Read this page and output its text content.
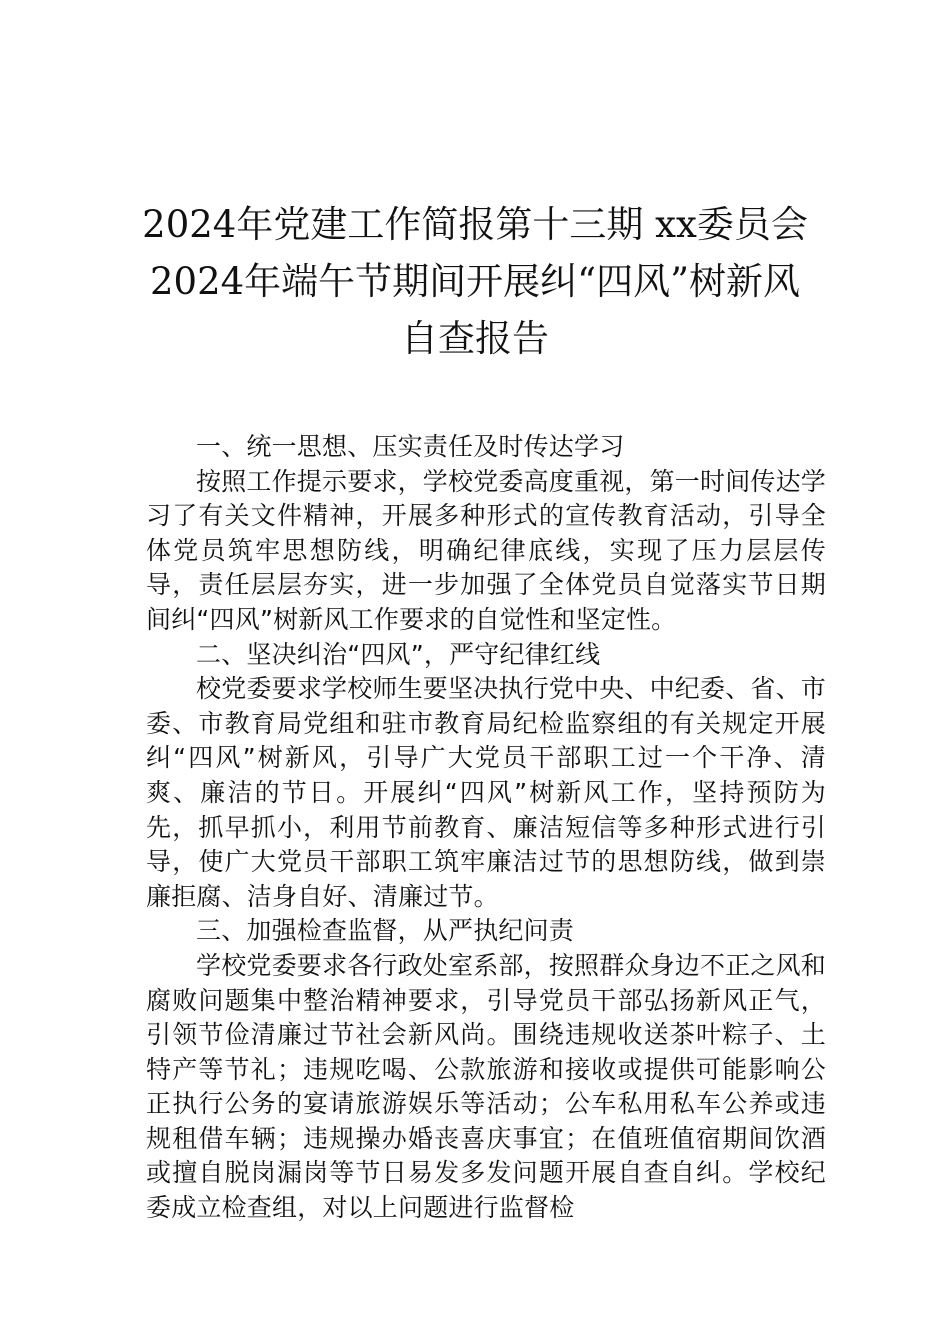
2024年党建工作简报第十三期 xx委员会
2024年端午节期间开展纠“四风”树新风
自查报告

一、统一思想、压实责任及时传达学习

按照工作提示要求，学校党委高度重视，第一时间传达学习了有关文件精神，开展多种形式的宣传教育活动，引导全体党员筑牢思想防线，明确纪律底线，实现了压力层层传导，责任层层夯实，进一步加强了全体党员自觉落实节日期间纠“四风”树新风工作要求的自觉性和坚定性。

二、坚决纠治“四风”，严守纪律红线

校党委要求学校师生要坚决执行党中央、中纪委、省、市委、市教育局党组和驻市教育局纪检监察组的有关规定开展纠“四风”树新风，引导广大党员干部职工过一个干净、清爽、廉洁的节日。开展纠“四风”树新风工作，坚持预防为先，抓早抓小，利用节前教育、廉洁短信等多种形式进行引导，使广大党员干部职工筑牢廉洁过节的思想防线，做到崇廉拒腐、洁身自好、清廉过节。

三、加强检查监督，从严执纪问责

学校党委要求各行政处室系部，按照群众身边不正之风和腐败问题集中整治精神要求，引导党员干部弘扬新风正气，引领节俭清廉过节社会新风尚。围绕违规收送茶叶粽子、土特产等节礼；违规吃喝、公款旅游和接收或提供可能影响公正执行公务的宴请旅游娱乐等活动；公车私用私车公养或违规租借车辆；违规操办婚丧喜庆事宜；在值班值宿期间饮酒或擅自脱岗漏岗等节日易发多发问题开展自查自纠。学校纪委成立检查组，对以上问题进行监督检
